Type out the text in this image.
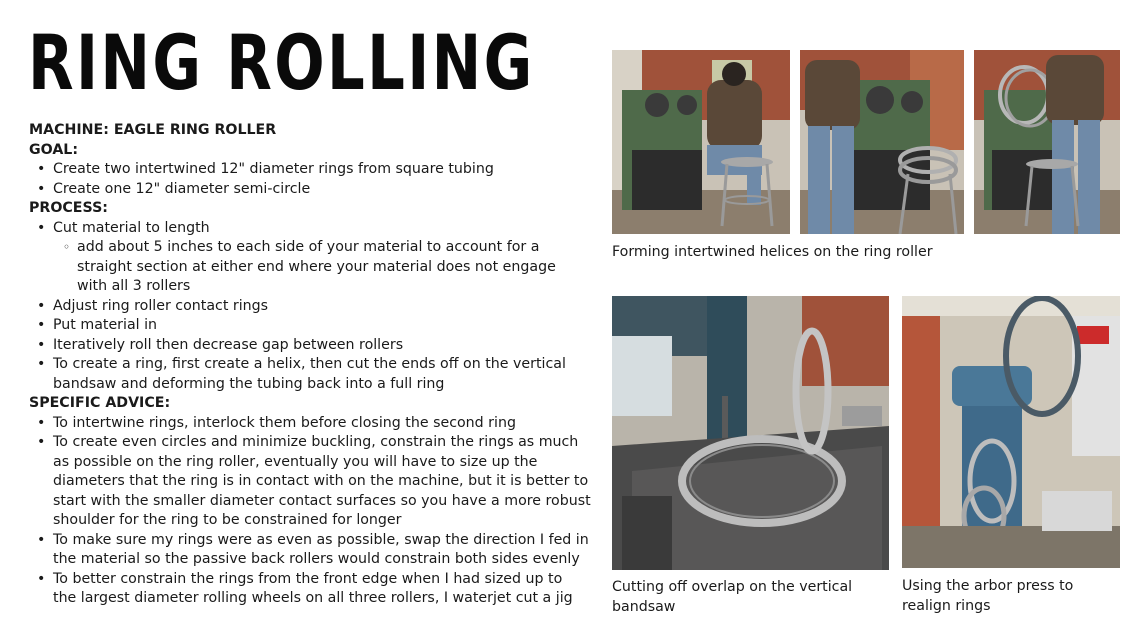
RING ROLLING
MACHINE: EAGLE RING ROLLER
GOAL:
• Create two intertwined 12" diameter rings from square tubing
• Create one 12" diameter semi-circle
PROCESS:
• Cut material to length
◦ add about 5 inches to each side of your material to account for a
straight section at either end where your material does not engage
with all 3 rollers
• Adjust ring roller contact rings
• Put material in
• Iteratively roll then decrease gap between rollers
• To create a ring, first create a helix, then cut the ends off on the vertical
bandsaw and deforming the tubing back into a full ring
SPECIFIC ADVICE:
• To intertwine rings, interlock them before closing the second ring
• To create even circles and minimize buckling, constrain the rings as much
as possible on the ring roller, eventually you will have to size up the
diameters that the ring is in contact with on the machine, but it is better to
start with the smaller diameter contact surfaces so you have a more robust
shoulder for the ring to be constrained for longer
• To make sure my rings were as even as possible, swap the direction I fed in
the material so the passive back rollers would constrain both sides evenly
• To better constrain the rings from the front edge when I had sized up to
the largest diameter rolling wheels on all three rollers, I waterjet cut a jig
Forming intertwined helices on the ring roller
Cutting off overlap on the vertical
bandsaw
Using the arbor press to
realign rings
